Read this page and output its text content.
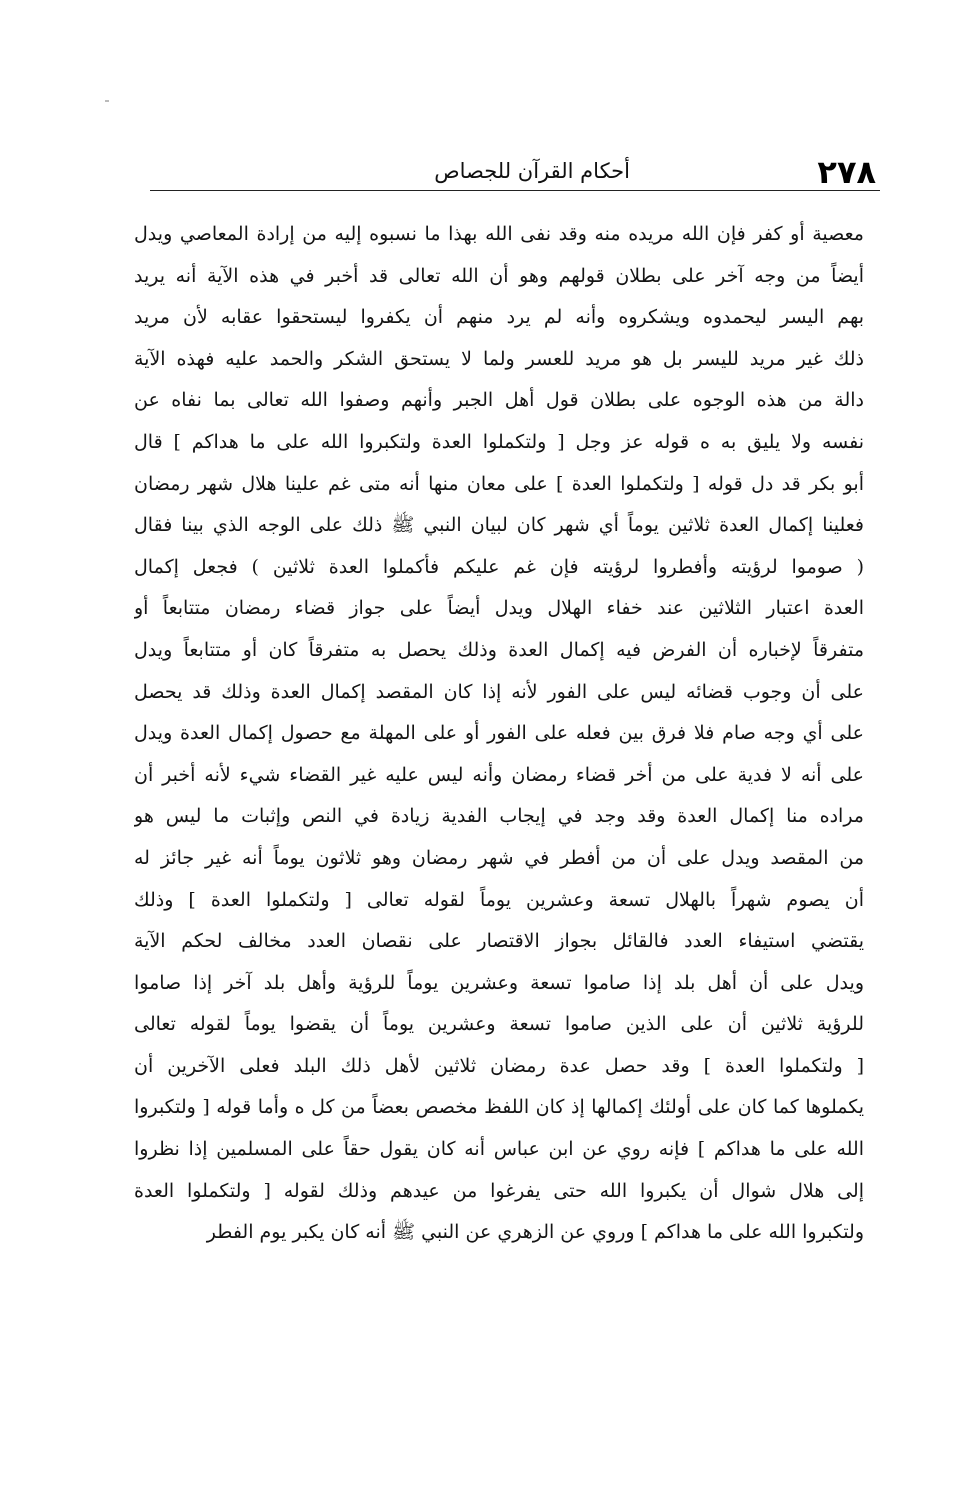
٢٧٨
أحكام القرآن للجصاص
معصية أو كفر فإن الله مريده منه وقد نفى الله بهذا ما نسبوه إليه من إرادة المعاصي ويدل
أيضاً من وجه آخر على بطلان قولهم وهو أن الله تعالى قد أخبر في هذه الآية أنه يريد
بهم اليسر ليحمدوه ويشكروه وأنه لم يرد منهم أن يكفروا ليستحقوا عقابه لأن مريد
ذلك غير مريد لليسر بل هو مريد للعسر ولما لا يستحق الشكر والحمد عليه فهذه الآية
دالة من هذه الوجوه على بطلان قول أهل الجبر وأنهم وصفوا الله تعالى بما نفاه عن
نفسه ولا يليق به ه قوله عز وجل [ ولتكملوا العدة ولتكبروا الله على ما هداكم ] قال
أبو بكر قد دل قوله [ ولتكملوا العدة ] على معان منها أنه متى غم علينا هلال شهر رمضان
فعلينا إكمال العدة ثلاثين يوماً أي شهر كان لبيان النبي ﷺ ذلك على الوجه الذي بينا فقال
( صوموا لرؤيته وأفطروا لرؤيته فإن غم عليكم فأكملوا العدة ثلاثين ) فجعل إكمال
العدة اعتبار الثلاثين عند خفاء الهلال ويدل أيضاً على جواز قضاء رمضان متتابعاً أو
متفرقاً لإخباره أن الفرض فيه إكمال العدة وذلك يحصل به متفرقاً كان أو متتابعاً ويدل
على أن وجوب قضائه ليس على الفور لأنه إذا كان المقصد إكمال العدة وذلك قد يحصل
على أي وجه صام فلا فرق بين فعله على الفور أو على المهلة مع حصول إكمال العدة ويدل
على أنه لا فدية على من أخر قضاء رمضان وأنه ليس عليه غير القضاء شيء لأنه أخبر أن
مراده منا إكمال العدة وقد وجد في إيجاب الفدية زيادة في النص وإثبات ما ليس هو
من المقصد ويدل على أن من أفطر في شهر رمضان وهو ثلاثون يوماً أنه غير جائز له
أن يصوم شهراً بالهلال تسعة وعشرين يوماً لقوله تعالى [ ولتكملوا العدة ] وذلك
يقتضي استيفاء العدد فالقائل بجواز الاقتصار على نقصان العدد مخالف لحكم الآية
ويدل على أن أهل بلد إذا صاموا تسعة وعشرين يوماً للرؤية وأهل بلد آخر إذا صاموا
للرؤية ثلاثين أن على الذين صاموا تسعة وعشرين يوماً أن يقضوا يوماً لقوله تعالى
[ ولتكملوا العدة ] وقد حصل عدة رمضان ثلاثين لأهل ذلك البلد فعلى الآخرين أن
يكملوها كما كان على أولئك إكمالها إذ كان اللفظ مخصص بعضاً من كل ه وأما قوله [ ولتكبروا
الله على ما هداكم ] فإنه روي عن ابن عباس أنه كان يقول حقاً على المسلمين إذا نظروا
إلى هلال شوال أن يكبروا الله حتى يفرغوا من عيدهم وذلك لقوله [ ولتكملوا العدة
ولتكبروا الله على ما هداكم ] وروي عن الزهري عن النبي ﷺ أنه كان يكبر يوم الفطر
